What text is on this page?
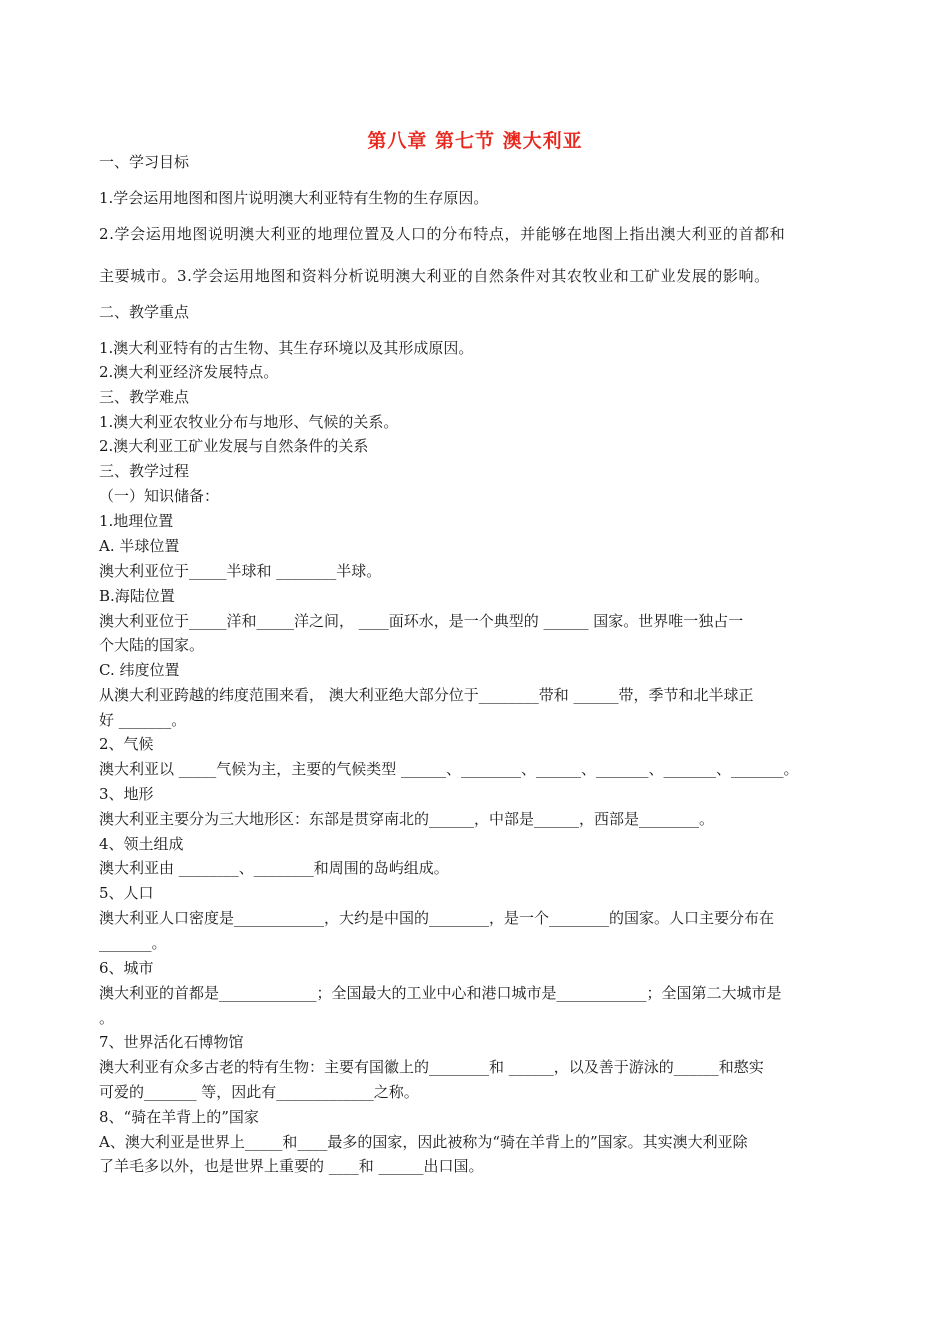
第八章 第七节 澳大利亚
一、学习目标
1.学会运用地图和图片说明澳大利亚特有生物的生存原因。
2.学会运用地图说明澳大利亚的地理位置及人口的分布特点，并能够在地图上指出澳大利亚的首都和
主要城市。3.学会运用地图和资料分析说明澳大利亚的自然条件对其农牧业和工矿业发展的影响。
二、教学重点
1.澳大利亚特有的古生物、其生存环境以及其形成原因。
2.澳大利亚经济发展特点。
三、教学难点
1.澳大利亚农牧业分布与地形、气候的关系。
2.澳大利亚工矿业发展与自然条件的关系
三、教学过程
（一）知识储备：
1.地理位置
A. 半球位置
澳大利亚位于_____半球和 ________半球。
B.海陆位置
澳大利亚位于_____洋和_____洋之间， ____面环水，是一个典型的 ______ 国家。世界唯一独占一
个大陆的国家。
C. 纬度位置
从澳大利亚跨越的纬度范围来看， 澳大利亚绝大部分位于________带和 ______带，季节和北半球正
好 _______。
2、气候
澳大利亚以 _____气候为主，主要的气候类型 ______、________、______、_______、_______、_______。
3、地形
澳大利亚主要分为三大地形区：东部是贯穿南北的______，中部是______，西部是________。
4、领土组成
澳大利亚由 ________、________和周围的岛屿组成。
5、人口
澳大利亚人口密度是____________，大约是中国的________，是一个________的国家。人口主要分布在
_______。
6、城市
澳大利亚的首都是_____________；全国最大的工业中心和港口城市是____________；全国第二大城市是
。
7、世界活化石博物馆
澳大利亚有众多古老的特有生物：主要有国徽上的________和 ______，以及善于游泳的______和憨实
可爱的_______ 等，因此有_____________之称。
8、“骑在羊背上的”国家
A、澳大利亚是世界上_____和____最多的国家，因此被称为“骑在羊背上的”国家。其实澳大利亚除
了羊毛多以外，也是世界上重要的 ____和 ______出口国。
